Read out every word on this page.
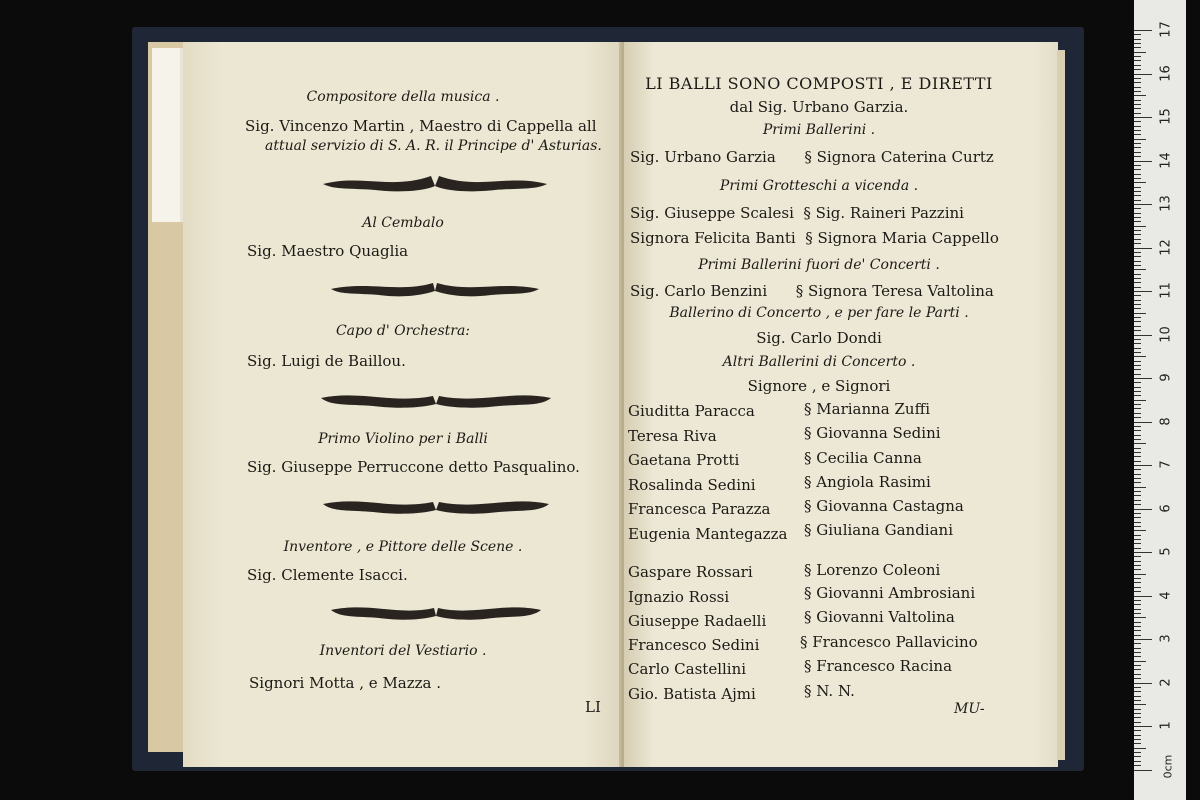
Compositore della musica .
Sig. Vincenzo Martin , Maestro di Cappella all
attual servizio di S. A. R. il Principe d' Asturias.
Al Cembalo
Sig. Maestro Quaglia
Capo d' Orchestra:
Sig. Luigi de Baillou.
Primo Violino per i Balli
Sig. Giuseppe Perruccone detto Pasqualino.
Inventore , e Pittore delle Scene .
Sig. Clemente Isacci.
Inventori del Vestiario .
Signori Motta , e Mazza .
LI
LI BALLI SONO COMPOSTI , E DIRETTI
dal Sig. Urbano Garzia.
Primi Ballerini .
Sig. Urbano Garzia      § Signora Caterina Curtz
Primi Grotteschi a vicenda .
Sig. Giuseppe Scalesi  § Sig. Raineri Pazzini
Signora Felicita Banti  § Signora Maria Cappello
Primi Ballerini fuori de' Concerti .
Sig. Carlo Benzini      § Signora Teresa Valtolina
Ballerino di Concerto , e per fare le Parti .
Sig. Carlo Dondi
Altri Ballerini di Concerto .
Signore , e Signori
Giuditta Paracca	§ Marianna Zuffi
Teresa Riva	§ Giovanna Sedini
Gaetana Protti	§ Cecilia Canna
Rosalinda Sedini	§ Angiola Rasimi
Francesca Parazza § Giovanna Castagna
Eugenia Mantegazza § Giuliana Gandiani
Gaspare Rossari	§ Lorenzo Coleoni
Ignazio Rossi	§ Giovanni Ambrosiani
Giuseppe Radaelli	§ Giovanni Valtolina
Francesco Sedini	§ Francesco Pallavicino
Carlo Castellini	§ Francesco Racina
Gio. Batista Ajmi	§ N. N.
MU-
17
16
15
14
13
12
11
10
9
8
7
6
5
4
3
2
1
0cm
